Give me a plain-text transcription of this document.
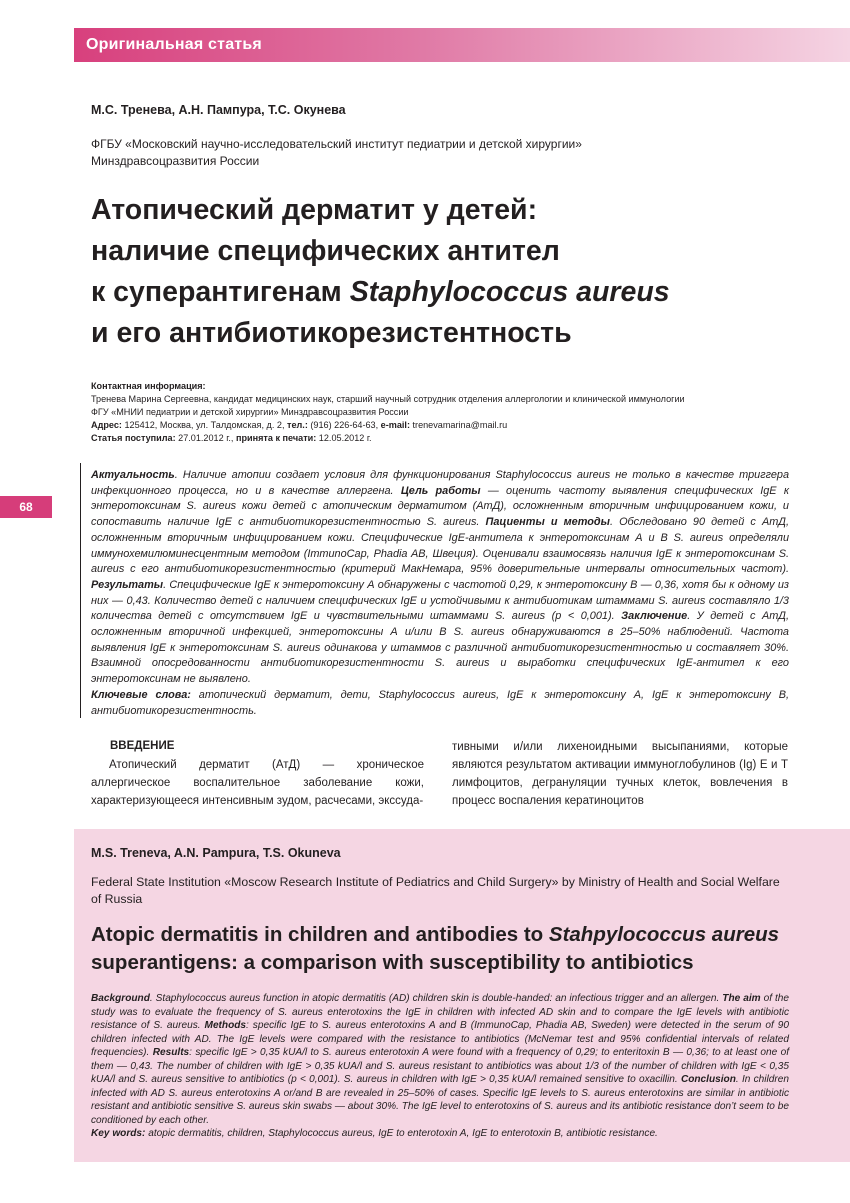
Оригинальная статья
68
М.С. Тренева, А.Н. Пампура, Т.С. Окунева
ФГБУ «Московский научно-исследовательский институт педиатрии и детской хирургии»
Минздравсоцразвития России
Атопический дерматит у детей:
наличие специфических антител
к суперантигенам Staphylococcus aureus
и его антибиотикорезистентность
Контактная информация:
Тренева Марина Сергеевна, кандидат медицинских наук, старший научный сотрудник отделения аллергологии и клинической иммунологии
ФГУ «МНИИ педиатрии и детской хирургии» Минздравсоцразвития России
Адрес: 125412, Москва, ул. Талдомская, д. 2, тел.: (916) 226-64-63, e-mail: trenevamarina@mail.ru
Статья поступила: 27.01.2012 г., принята к печати: 12.05.2012 г.
Актуальность. Наличие атопии создает условия для функционирования Staphylococcus aureus не только в качестве триггера инфекционного процесса, но и в качестве аллергена. Цель работы — оценить частоту выявления специфических IgE к энтеротоксинам S. aureus кожи детей с атопическим дерматитом (АтД), осложненным вторичным инфицированием кожи, и сопоставить наличие IgE с антибиотикорезистентностью S. aureus. Пациенты и методы. Обследовано 90 детей с АтД, осложненным вторичным инфицированием кожи. Специфические IgE-антитела к энтеротоксинам А и В S. aureus определяли иммунохемилюминесцентным методом (ImmunoCap, Phadia AB, Швеция). Оценивали взаимосвязь наличия IgE к энтеротоксинам S. aureus с его антибиотикорезистентностью (критерий МакНемара, 95% доверительные интервалы относительных частот). Результаты. Специфические IgE к энтеротоксину А обнаружены с частотой 0,29, к энтеротоксину В — 0,36, хотя бы к одному из них — 0,43. Количество детей с наличием специфических IgE и устойчивыми к антибиотикам штаммами S. aureus составляло 1/3 количества детей с отсутствием IgE и чувствительными штаммами S. aureus (p < 0,001). Заключение. У детей с АтД, осложненным вторичной инфекцией, энтеротоксины А и/или В S. aureus обнаруживаются в 25–50% наблюдений. Частота выявления IgE к энтеротоксинам S. aureus одинакова у штаммов с различной антибиотикорезистентностью и составляет 30%. Взаимной опосредованности антибиотикорезистентности S. aureus и выработки специфических IgE-антител к его энтеротоксинам не выявлено.
Ключевые слова: атопический дерматит, дети, Staphylococcus aureus, IgE к энтеротоксину А, IgE к энтеротоксину В, антибиотикорезистентность.
ВВЕДЕНИЕ
Атопический дерматит (АтД) — хроническое аллергическое воспалительное заболевание кожи, характеризующееся интенсивным зудом, расчесами, экссуда-
тивными и/или лихеноидными высыпаниями, которые являются результатом активации иммуноглобулинов (Ig) Е и Т лимфоцитов, дегрануляции тучных клеток, вовлечения в процесс воспаления кератиноцитов
M.S. Treneva, A.N. Pampura, T.S. Okuneva
Federal State Institution «Moscow Research Institute of Pediatrics and Child Surgery» by Ministry of Health and Social Welfare of Russia
Atopic dermatitis in children and antibodies to Stahpylococcus aureus superantigens: a comparison with susceptibility to antibiotics
Background. Staphylococcus aureus function in atopic dermatitis (AD) children skin is double-handed: an infectious trigger and an allergen. The aim of the study was to evaluate the frequency of S. aureus enterotoxins the IgE in children with infected AD skin and to compare the IgE levels with antibiotic resistance of S. aureus. Methods: specific IgE to S. aureus enterotoxins A and B (ImmunoCap, Phadia AB, Sweden) were detected in the serum of 90 children infected with AD. The IgE levels were compared with the resistance to antibiotics (McNemar test and 95% confidential intervals of related frequencies). Results: specific IgE > 0,35 kUA/l to S. aureus enterotoxin A were found with a frequency of 0,29; to enteritoxin B — 0,36; to at least one of them — 0,43. The number of children with IgE > 0,35 kUA/l and S. aureus resistant to antibiotics was about 1/3 of the number of children with IgE < 0,35 kUA/l and S. aureus sensitive to antibiotics (p < 0,001). S. aureus in children with IgE > 0,35 kUA/l remained sensitive to oxacillin. Conclusion. In children infected with AD S. aureus enterotoxins A or/and B are revealed in 25–50% of cases. Specific IgE levels to S. aureus enterotoxins are similar in antibiotic resistant and antibiotic sensitive S. aureus skin swabs — about 30%. The IgE level to enterotoxins of S. aureus and its antibiotic resistance don’t seem to be conditioned by each other.
Key words: atopic dermatitis, children, Staphylococcus aureus, IgE to enterotoxin A, IgE to enterotoxin B, antibiotic resistance.
